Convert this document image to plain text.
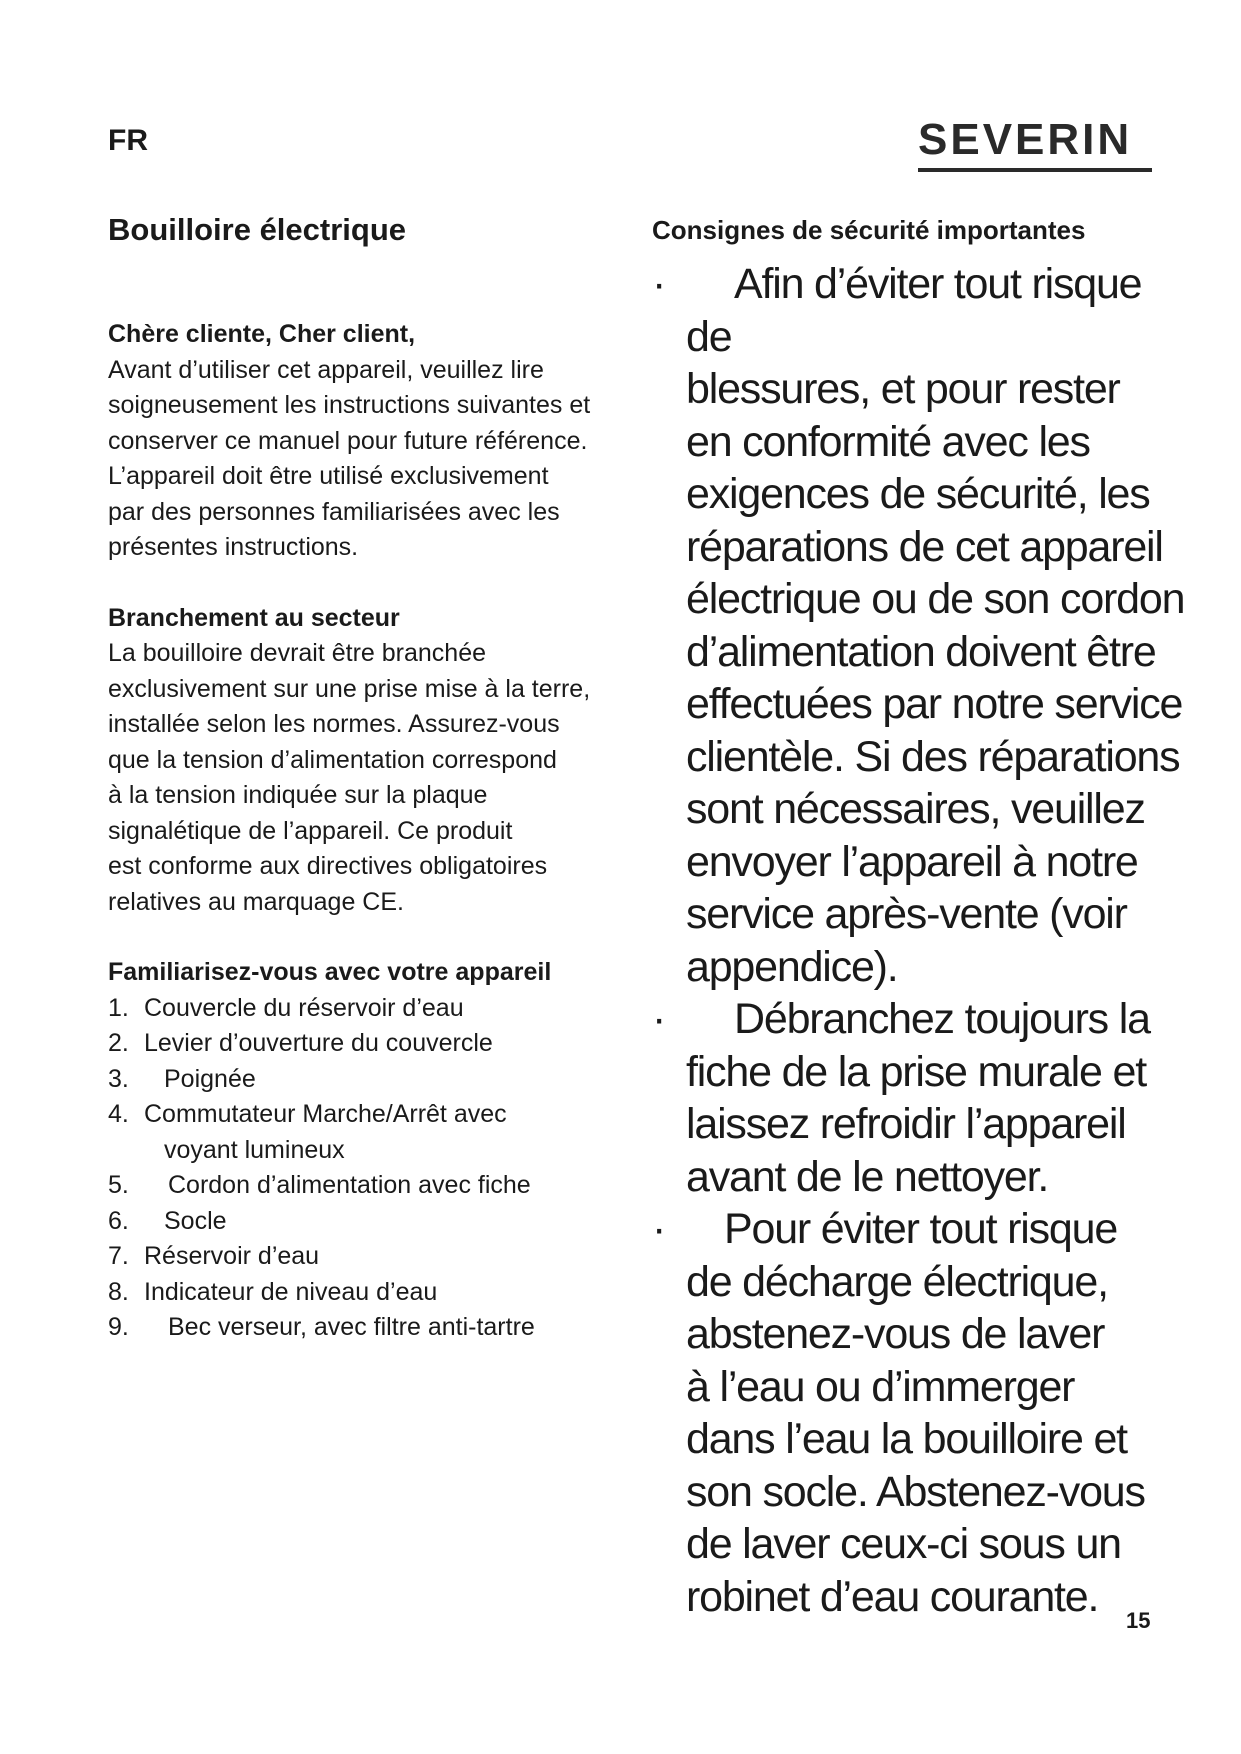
FR	SEVERIN
Bouilloire électrique
Chère cliente, Cher client,
Avant d’utiliser cet appareil, veuillez lire
soigneusement les instructions suivantes et
conserver ce manuel pour future référence.
L’appareil doit être utilisé exclusivement
par des personnes familiarisées avec les
présentes instructions.
Branchement au secteur
La bouilloire devrait être branchée
exclusivement sur une prise mise à la terre,
installée selon les normes. Assurez-vous
que la tension d’alimentation correspond
à la tension indiquée sur la plaque
signalétique de l’appareil. Ce produit
est conforme aux directives obligatoires
relatives au marquage CE.
Familiarisez-vous avec votre appareil
1. Couvercle du réservoir d’eau
2. Levier d’ouverture du couvercle
3.	Poignée
4. Commutateur Marche/Arrêt avec
voyant lumineux
5.	Cordon d’alimentation avec fiche
6.	Socle
7. Réservoir d’eau
8. Indicateur de niveau d’eau
9.	Bec verseur, avec filtre anti-tartre
Consignes de sécurité importantes
·	Afin d’éviter tout risque de
blessures, et pour rester
en conformité avec les
exigences de sécurité, les
réparations de cet appareil
électrique ou de son cordon
d’alimentation doivent être
effectuées par notre service
clientèle. Si des réparations
sont nécessaires, veuillez
envoyer l’appareil à notre
service après-vente (voir
appendice).
·	Débranchez toujours la
fiche de la prise murale et
laissez refroidir l’appareil
avant de le nettoyer.
·	Pour éviter tout risque
de décharge électrique,
abstenez-vous de laver
à l’eau ou d’immerger
dans l’eau la bouilloire et
son socle. Abstenez-vous
de laver ceux-ci sous un
robinet d’eau courante.	15
